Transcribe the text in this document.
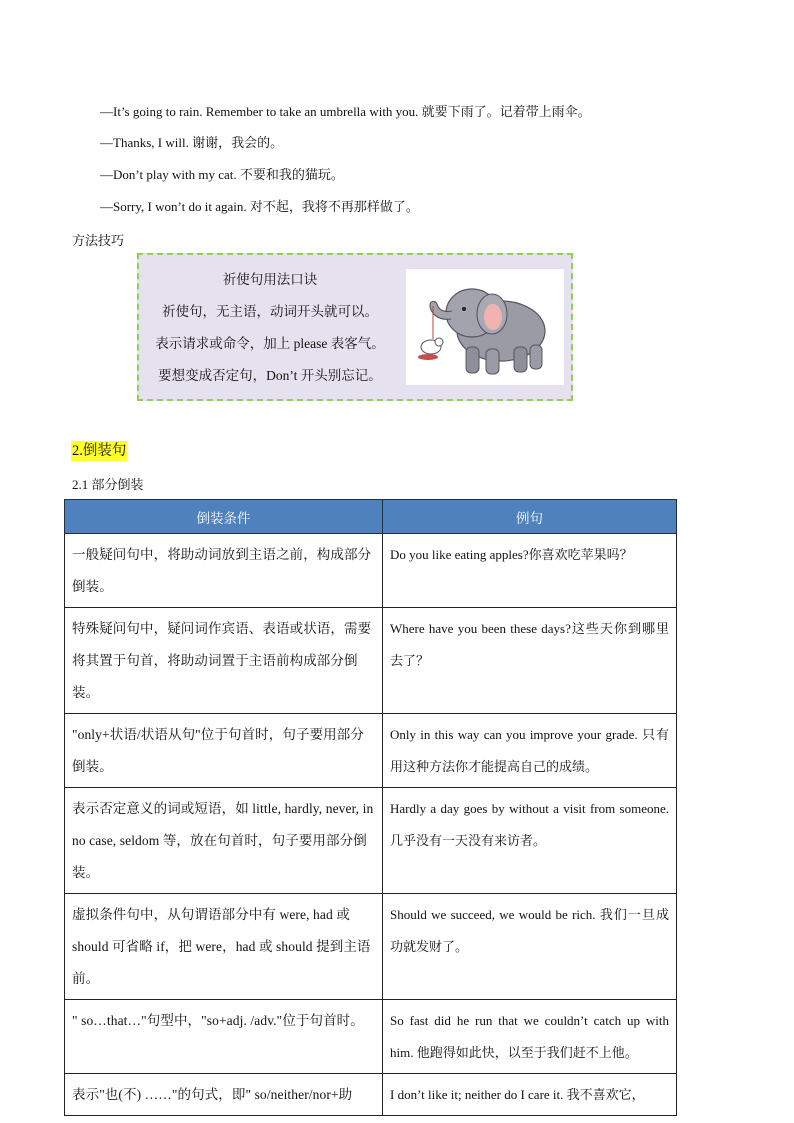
—It’s going to rain. Remember to take an umbrella with you. 就要下雨了。记着带上雨伞。
—Thanks, I will. 谢谢，我会的。
—Don’t play with my cat. 不要和我的猫玩。
—Sorry, I won’t do it again. 对不起，我将不再那样做了。
方法技巧
祈使句用法口诀
祈使句，无主语，动词开头就可以。
表示请求或命令，加上 please 表客气。
要想变成否定句，Don’t 开头别忘记。
2.倒装句
2.1 部分倒装
倒装条件	例句
一般疑问句中，将助动词放到主语之前，构成部分倒装。	Do you like eating apples?你喜欢吃苹果吗？
特殊疑问句中，疑问词作宾语、表语或状语，需要将其置于句首，将助动词置于主语前构成部分倒装。	Where have you been these days?这些天你到哪里去了？
"only+状语/状语从句"位于句首时，句子要用部分倒装。	Only in this way can you improve your grade. 只有用这种方法你才能提高自己的成绩。
表示否定意义的词或短语，如 little, hardly, never, in no case, seldom 等，放在句首时，句子要用部分倒装。	Hardly a day goes by without a visit from someone. 几乎没有一天没有来访者。
虚拟条件句中，从句谓语部分中有 were, had 或 should 可省略 if，把 were，had 或 should 提到主语前。	Should we succeed, we would be rich. 我们一旦成功就发财了。
" so…that…"句型中，"so+adj. /adv."位于句首时。	So fast did he run that we couldn’t catch up with him. 他跑得如此快，以至于我们赶不上他。
表示"也(不) ……"的句式，即" so/neither/nor+助	I don’t like it; neither do I care it. 我不喜欢它，
